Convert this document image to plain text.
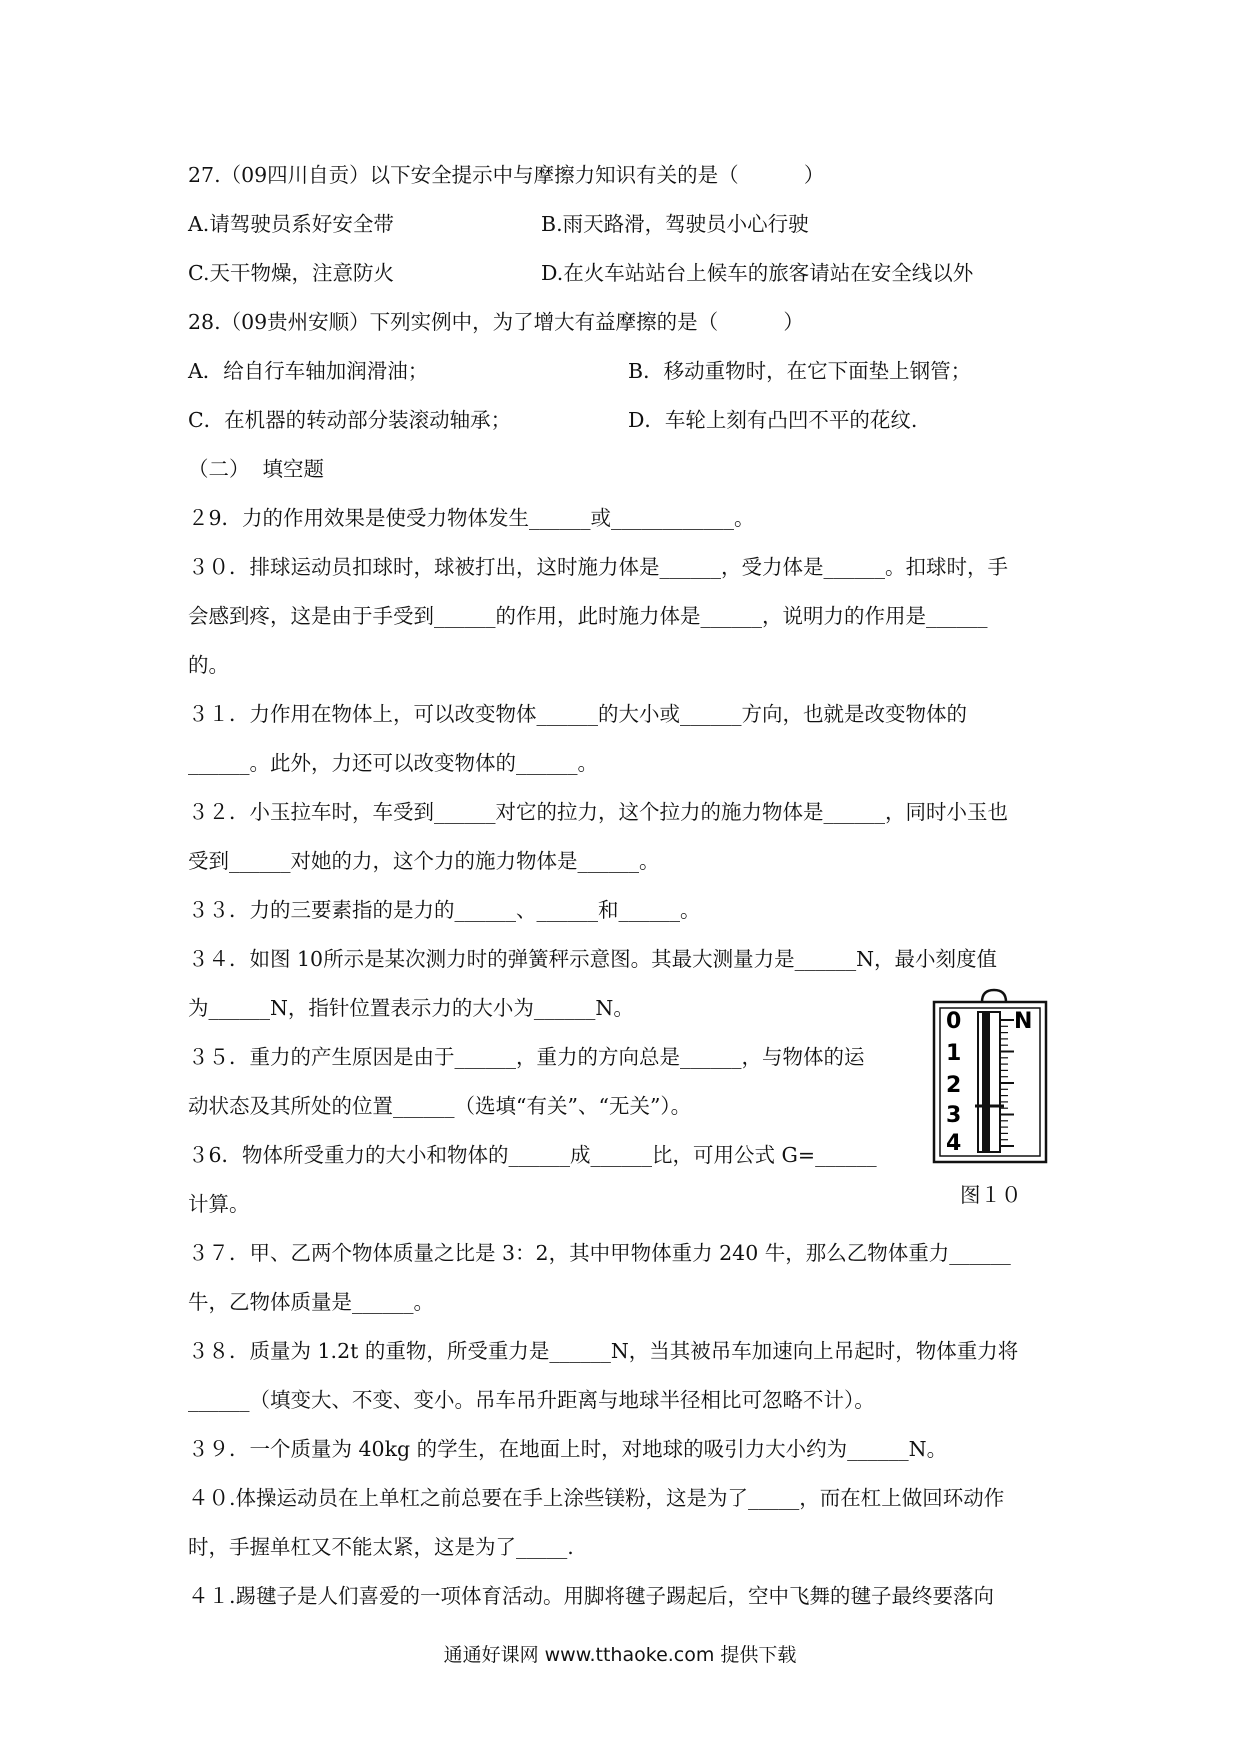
27.（09四川自贡）以下安全提示中与摩擦力知识有关的是（          ）
A.请驾驶员系好安全带	B.雨天路滑，驾驶员小心行驶
C.天干物燥，注意防火	D.在火车站站台上候车的旅客请站在安全线以外
28.（09贵州安顺）下列实例中，为了增大有益摩擦的是（          ）
A．给自行车轴加润滑油；	B．移动重物时，在它下面垫上钢管；
C．在机器的转动部分装滚动轴承；	D．车轮上刻有凸凹不平的花纹.
（二）  填空题
２9．力的作用效果是使受力物体发生______或____________。
３０．排球运动员扣球时，球被打出，这时施力体是______，受力体是______。扣球时，手
会感到疼，这是由于手受到______的作用，此时施力体是______，说明力的作用是______
的。
３１．力作用在物体上，可以改变物体______的大小或______方向，也就是改变物体的
______。此外，力还可以改变物体的______。
３２．小玉拉车时，车受到______对它的拉力，这个拉力的施力物体是______，同时小玉也
受到______对她的力，这个力的施力物体是______。
３３．力的三要素指的是力的______、______和______。
３４．如图 10所示是某次测力时的弹簧秤示意图。其最大测量力是______N，最小刻度值
为______N，指针位置表示力的大小为______N。
３５．重力的产生原因是由于______，重力的方向总是______，与物体的运
动状态及其所处的位置______（选填“有关”、“无关”）。
３6．物体所受重力的大小和物体的______成______比，可用公式 G=______
计算。
３７．甲、乙两个物体质量之比是 3：2，其中甲物体重力 240 牛，那么乙物体重力______
牛，乙物体质量是______。
３８．质量为 1.2t 的重物，所受重力是______N，当其被吊车加速向上吊起时，物体重力将
______（填变大、不变、变小。吊车吊升距离与地球半径相比可忽略不计）。
３９．一个质量为 40kg 的学生，在地面上时，对地球的吸引力大小约为______N。
４０.体操运动员在上单杠之前总要在手上涂些镁粉，这是为了_____，而在杠上做回环动作
时，手握单杠又不能太紧，这是为了_____.
４１.踢毽子是人们喜爱的一项体育活动。用脚将毽子踢起后，空中飞舞的毽子最终要落向
0
1
2
3
4
N
图１０
通通好课网 www.tthaoke.com 提供下载
